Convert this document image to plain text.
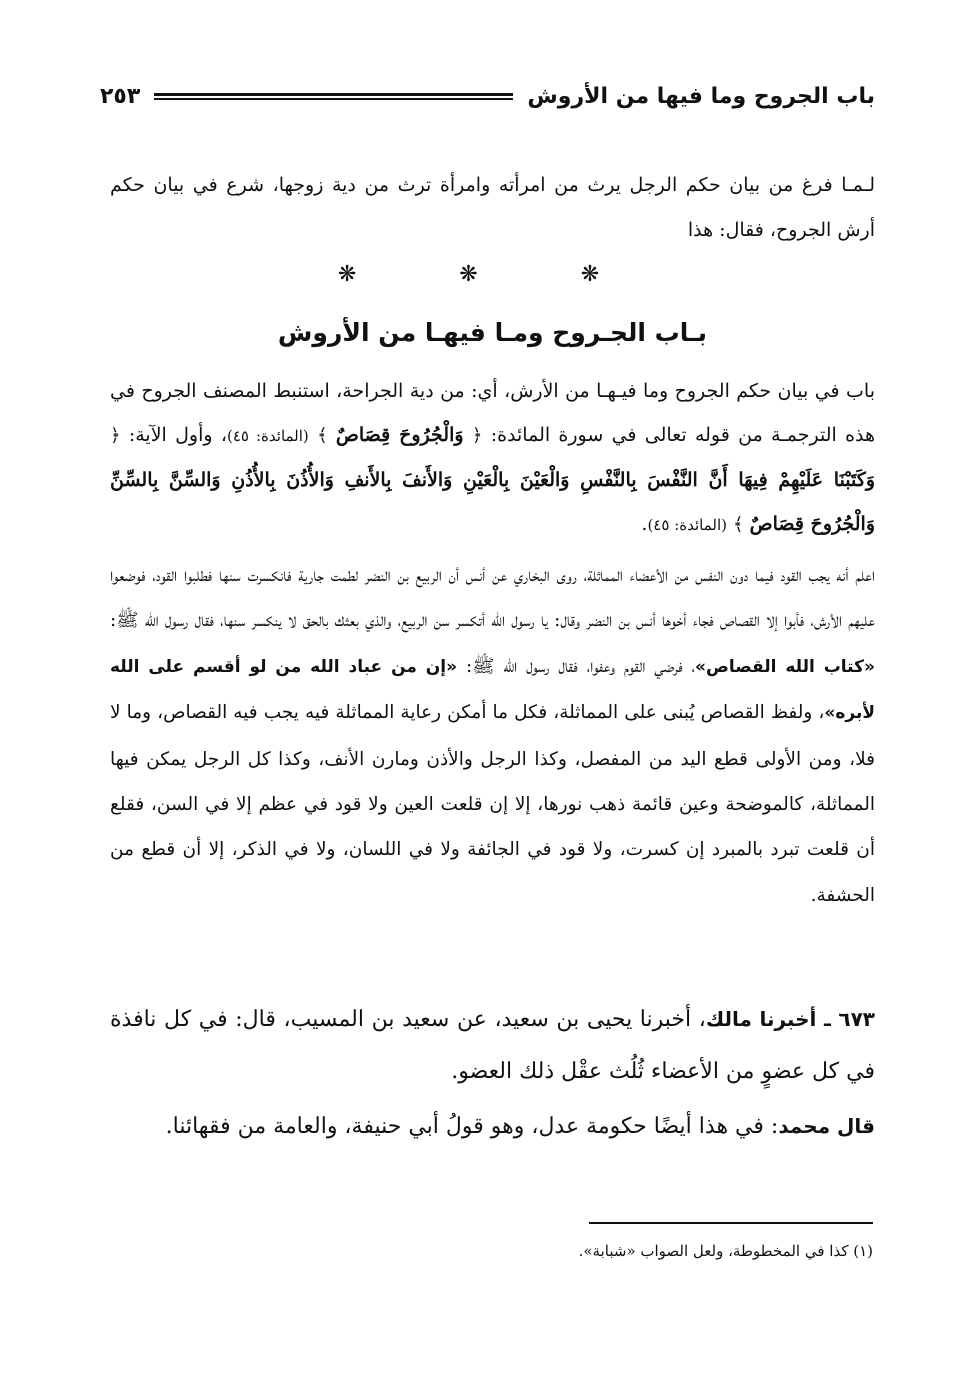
باب الجروح وما فيها من الأروش
٢٥٣

لـمـا فرغ من بيان حكم الرجل يرث من امرأته وامرأة ترث من دية زوجها، شرع في بيان حكم أرش الجروح، فقال: هذا

❋ ❋ ❋
بـاب الجـروح ومـا فيهـا من الأروش

باب في بيان حكم الجروح وما فيـهـا من الأرش، أي: من دية الجراحة، استنبط المصنف الجروح في هذه الترجمـة من قوله تعالى في سورة المائدة: ﴿ وَالْجُرُوحَ قِصَاصٌ ﴾ (المائدة: ٤٥)، وأول الآية: ﴿ وَكَتَبْنَا عَلَيْهِمْ فِيهَا أَنَّ النَّفْسَ بِالنَّفْسِ وَالْعَيْنَ بِالْعَيْنِ وَالأَنفَ بِالأَنفِ وَالأُذُنَ بِالأُذُنِ وَالسِّنَّ بِالسِّنِّ وَالْجُرُوحَ قِصَاصٌ ﴾ (المائدة: ٤٥).

اعلم أنه يجب القود فيما دون النفس من الأعضاء المماثلة، روى البخاري عن أنس أن الربيع بن النضر لطمت جارية فانكسرت سنها فطلبوا القود، فوضعوا عليهم الأرش، فأبوا إلا القصاص فجاء أخوها أنس بن النضر وقال: يا رسول الله أتكسر سن الربيع، والذي بعثك بالحق لا ينكسر سنها، فقال رسول الله ﷺ: «كتاب الله القصاص»، فرضي القوم وعفوا، فقال رسول الله ﷺ: «إن من عباد الله من لو أقسم على الله لأبره»، ولفظ القصاص يُبنى على المماثلة، فكل ما أمكن رعاية المماثلة فيه يجب فيه القصاص، وما لا فلا، ومن الأولى قطع اليد من المفصل، وكذا الرجل والأذن ومارن الأنف، وكذا كل الرجل يمكن فيها المماثلة، كالموضحة وعين قائمة ذهب نورها، إلا إن قلعت العين ولا قود في عظم إلا في السن، فقلع أن قلعت تبرد بالمبرد إن كسرت، ولا قود في الجائفة ولا في اللسان، ولا في الذكر، إلا أن قطع من الحشفة.

٦٧٣ ـ أخبرنا مالك، أخبرنا يحيى بن سعيد، عن سعيد بن المسيب، قال: في كل نافذة في كل عضوٍ من الأعضاء ثُلُث عقْل ذلك العضو.

قال محمد: في هذا أيضًا حكومة عدل، وهو قولُ أبي حنيفة، والعامة من فقهائنا.

(١) كذا في المخطوطة، ولعل الصواب «شبابة».
